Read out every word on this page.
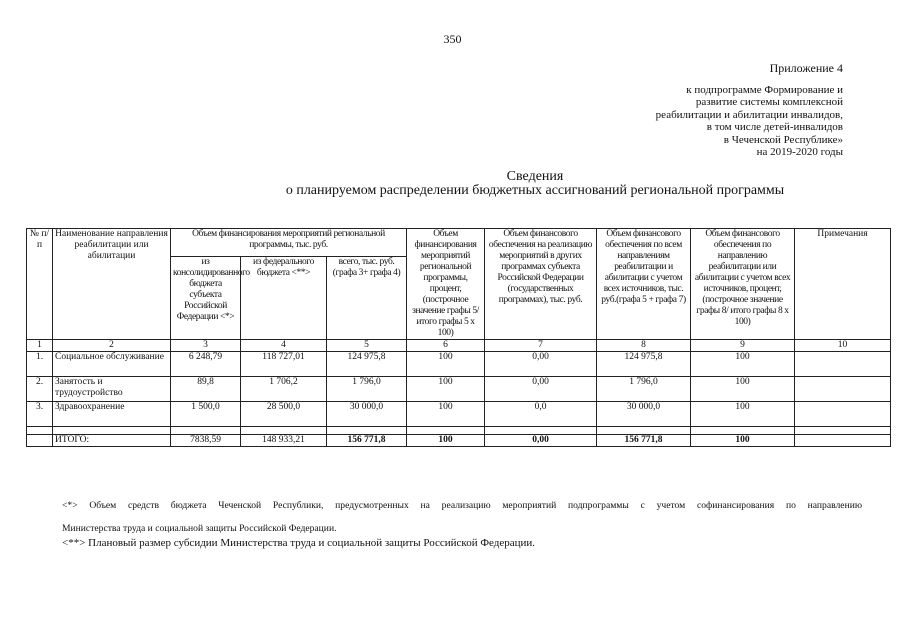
350
Приложение 4
к подпрограмме Формирование и
развитие системы комплексной
реабилитации и абилитации инвалидов,
в том числе детей-инвалидов
в Чеченской Республике»
на 2019-2020 годы
Сведения
о планируемом распределении бюджетных ассигнований региональной программы
№ п/п	Наименование направления реабилитации или абилитации	Объем финансирования мероприятий региональной программы, тыс. руб.			Объем финансирования мероприятий региональной программы, процент, (построчное значение графы 5/ итого графы 5 х 100)	Объем финансового обеспечения на реализацию мероприятий в других программах субъекта Российской Федерации (государственных программах), тыс. руб.	Объем финансового обеспечения по всем направлениям реабилитации и абилитации с учетом всех источников, тыс. руб.(графа 5 + графа 7)	Объем финансового обеспечения по направлению реабилитации или абилитации с учетом всех источников, процент, (построчное значение графы 8/ итого графы 8 х 100)	Примечания
		из консолидированного бюджета субъекта Российской Федерации <*>	из федерального бюджета <**>	всего, тыс. руб. (графа 3+ графа 4)					
1	2	3	4	5	6	7	8	9	10
1.	Социальное обслуживание	6 248,79	118 727,01	124 975,8	100	0,00	124 975,8	100	
2.	Занятость и трудоустройство	89,8	1 706,2	1 796,0	100	0,00	1 796,0	100	
3.	Здравоохранение	1 500,0	28 500,0	30 000,0	100	0,0	30 000,0	100	

	ИТОГО:	7838,59	148 933,21	156 771,8	100	0,00	156 771,8	100	
<*> Объем средств бюджета Чеченской Республики, предусмотренных на реализацию мероприятий подпрограммы с учетом софинансирования по направлению
Министерства труда и социальной защиты Российской Федерации.
<**> Плановый размер субсидии Министерства труда и социальной защиты Российской Федерации.
